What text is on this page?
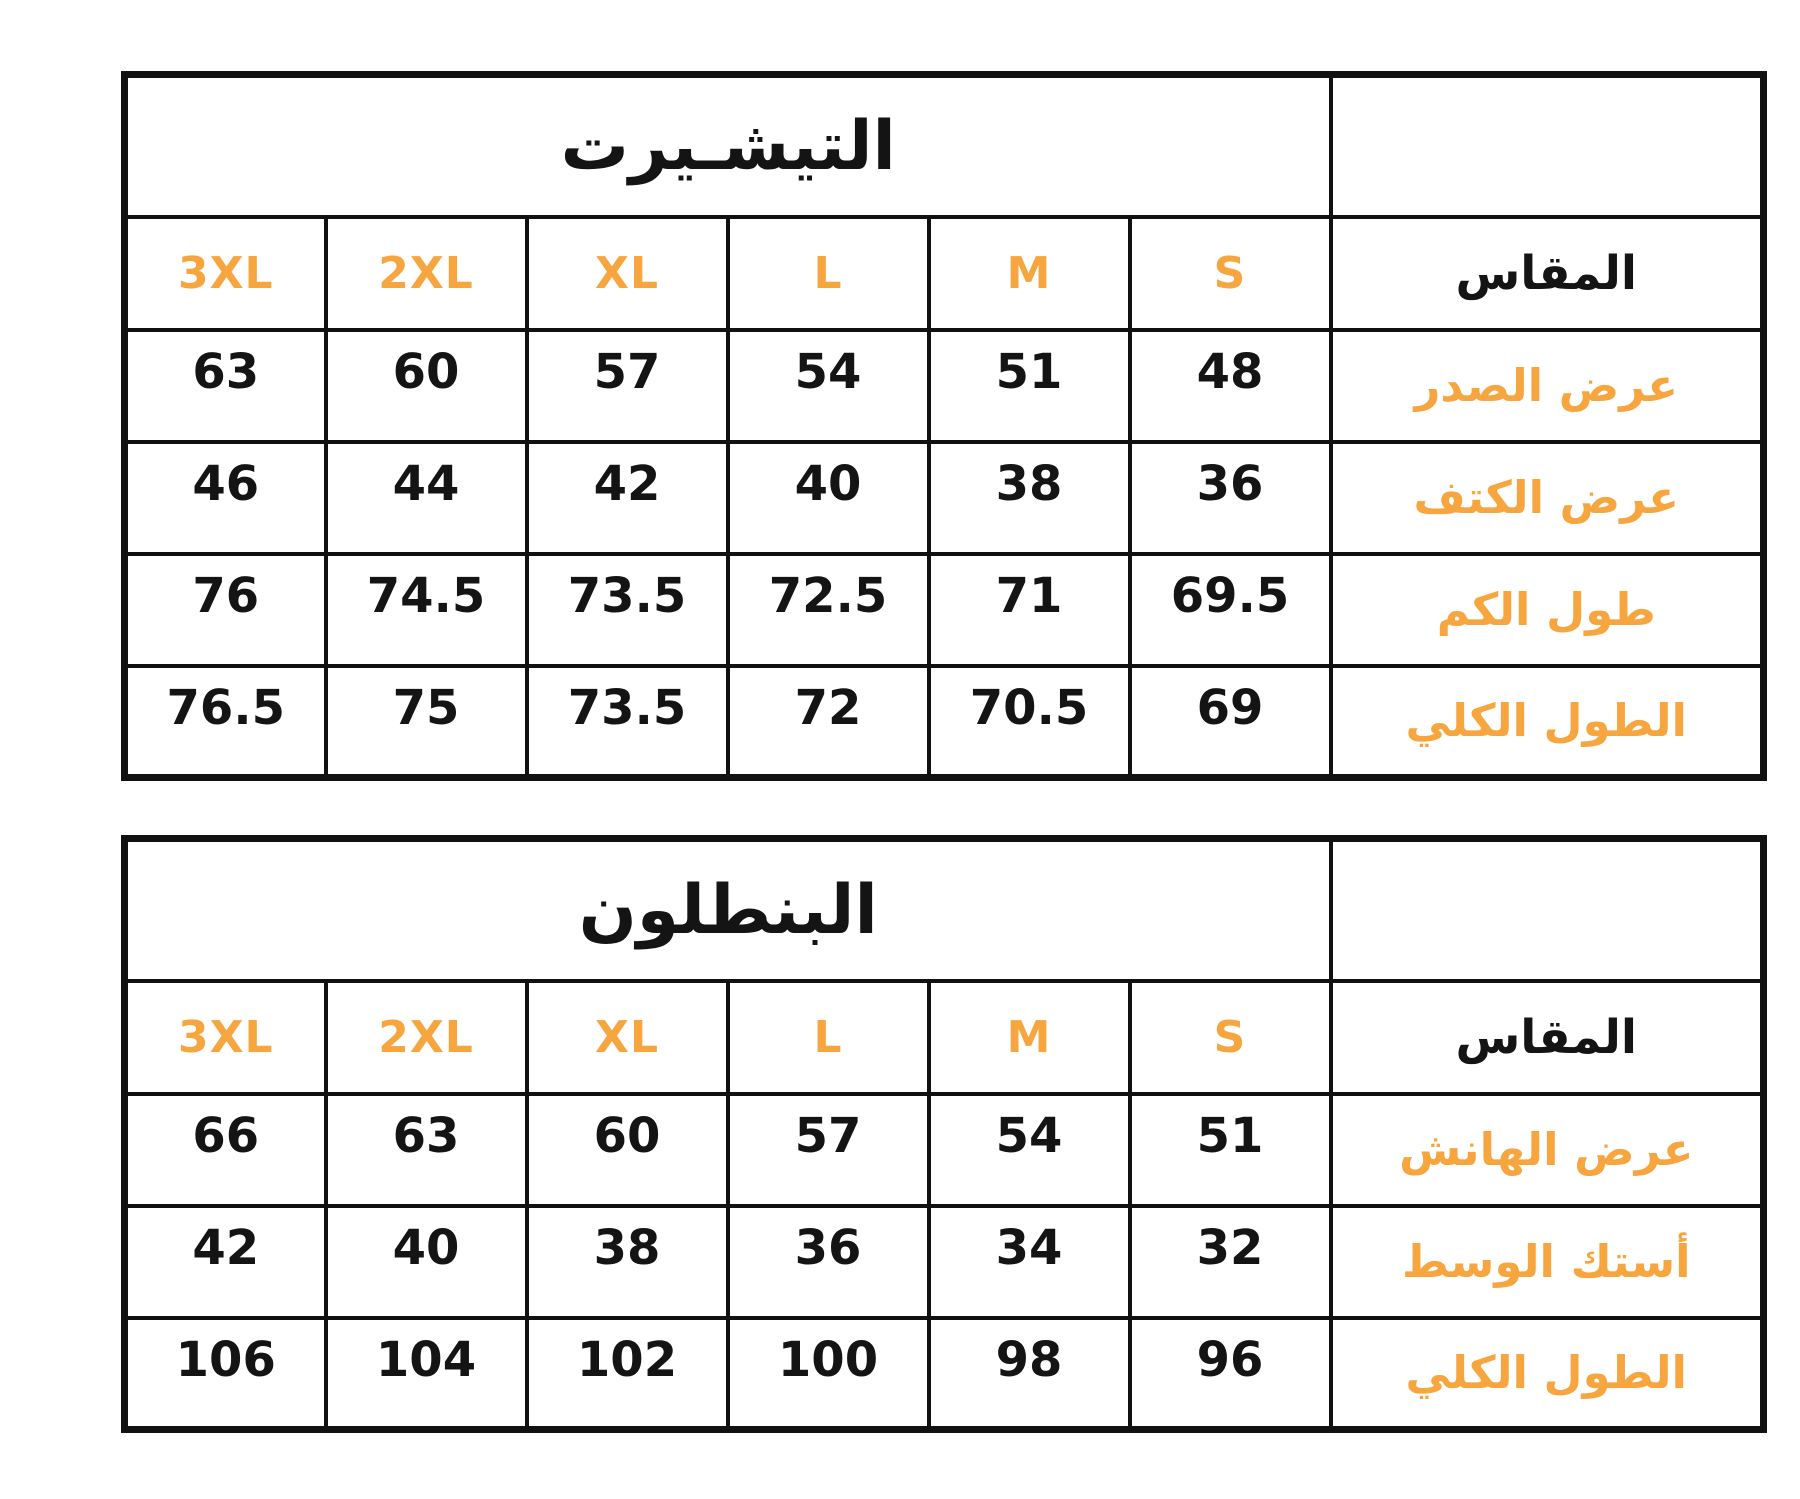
التيشـيرت						
3XL	2XL	XL	L	M	S	المقاس
63	60	57	54	51	48	عرض الصدر
46	44	42	40	38	36	عرض الكتف
76	74.5	73.5	72.5	71	69.5	طول الكم
76.5	75	73.5	72	70.5	69	الطول الكلي
البنطلون						
3XL	2XL	XL	L	M	S	المقاس
66	63	60	57	54	51	عرض الهانش
42	40	38	36	34	32	أستك الوسط
106	104	102	100	98	96	الطول الكلي
